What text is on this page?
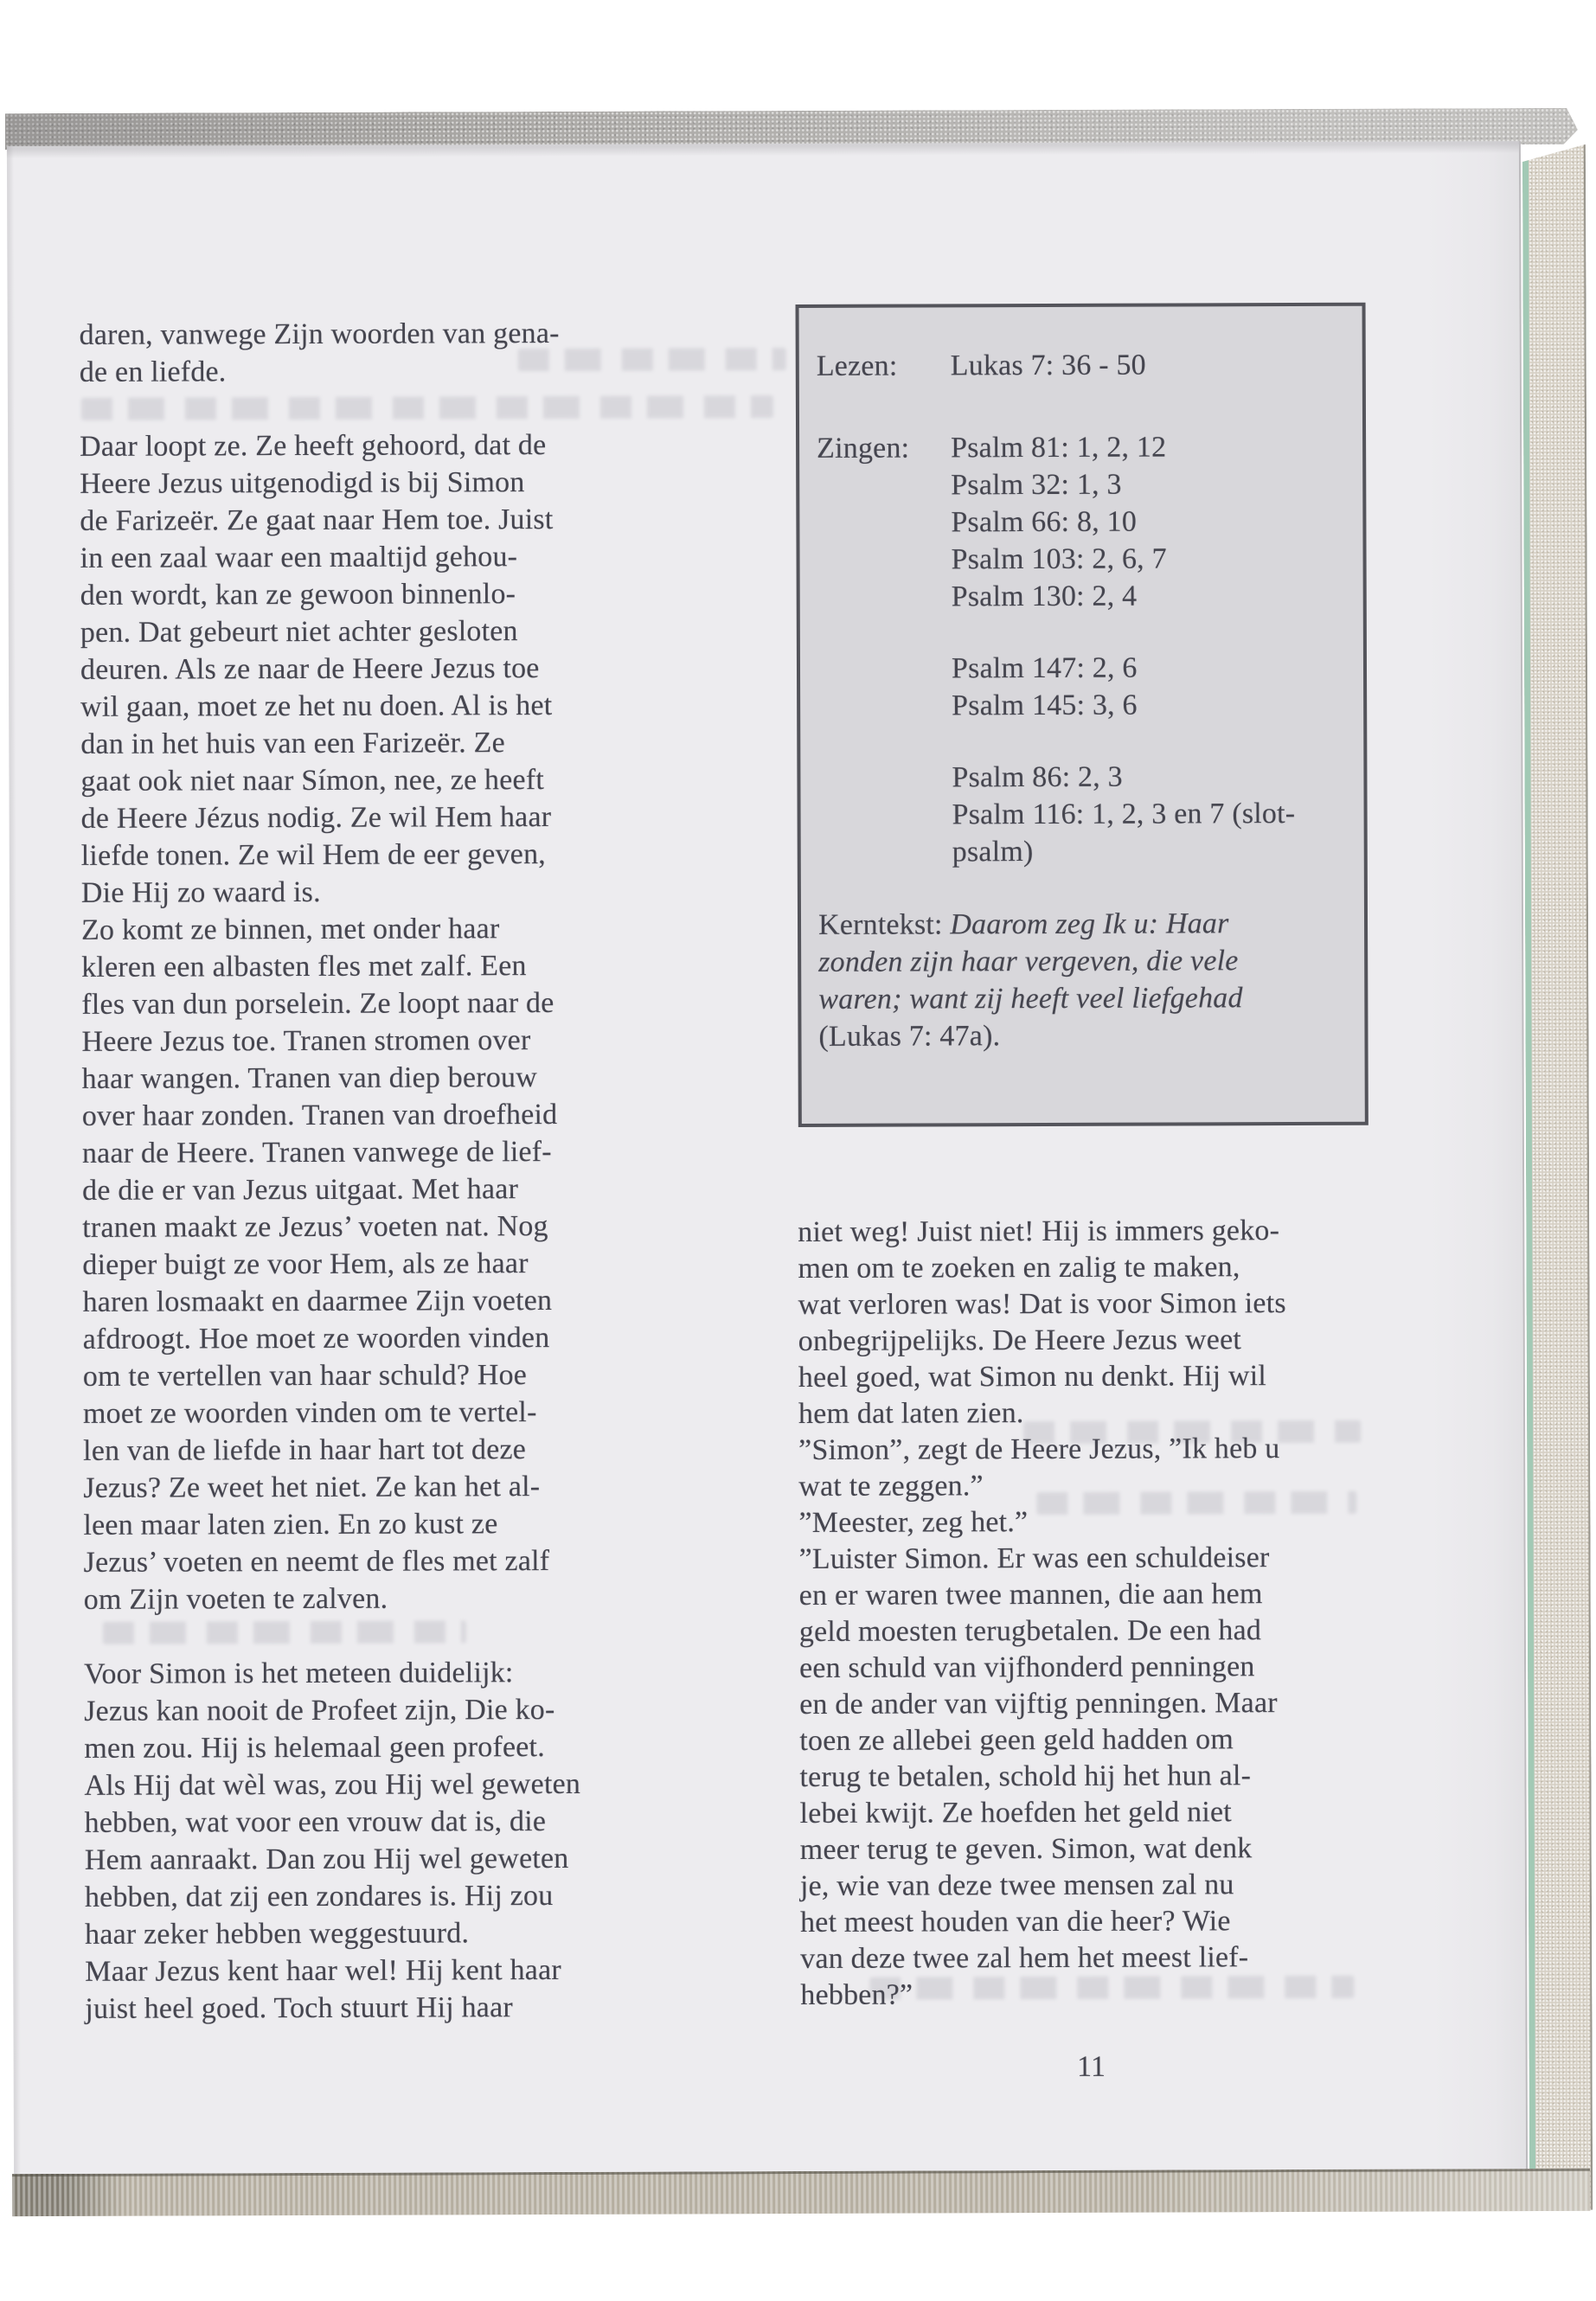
daren, vanwege Zijn woorden van gena-
de en liefde.

Daar loopt ze. Ze heeft gehoord, dat de
Heere Jezus uitgenodigd is bij Simon
de Farizeër. Ze gaat naar Hem toe. Juist
in een zaal waar een maaltijd gehou-
den wordt, kan ze gewoon binnenlo-
pen. Dat gebeurt niet achter gesloten
deuren. Als ze naar de Heere Jezus toe
wil gaan, moet ze het nu doen. Al is het
dan in het huis van een Farizeër. Ze
gaat ook niet naar Símon, nee, ze heeft
de Heere Jézus nodig. Ze wil Hem haar
liefde tonen. Ze wil Hem de eer geven,
Die Hij zo waard is.
Zo komt ze binnen, met onder haar
kleren een albasten fles met zalf. Een
fles van dun porselein. Ze loopt naar de
Heere Jezus toe. Tranen stromen over
haar wangen. Tranen van diep berouw
over haar zonden. Tranen van droefheid
naar de Heere. Tranen vanwege de lief-
de die er van Jezus uitgaat. Met haar
tranen maakt ze Jezus’ voeten nat. Nog
dieper buigt ze voor Hem, als ze haar
haren losmaakt en daarmee Zijn voeten
afdroogt. Hoe moet ze woorden vinden
om te vertellen van haar schuld? Hoe
moet ze woorden vinden om te vertel-
len van de liefde in haar hart tot deze
Jezus? Ze weet het niet. Ze kan het al-
leen maar laten zien. En zo kust ze
Jezus’ voeten en neemt de fles met zalf
om Zijn voeten te zalven.

Voor Simon is het meteen duidelijk:
Jezus kan nooit de Profeet zijn, Die ko-
men zou. Hij is helemaal geen profeet.
Als Hij dat wèl was, zou Hij wel geweten
hebben, wat voor een vrouw dat is, die
Hem aanraakt. Dan zou Hij wel geweten
hebben, dat zij een zondares is. Hij zou
haar zeker hebben weggestuurd.
Maar Jezus kent haar wel! Hij kent haar
juist heel goed. Toch stuurt Hij haar

Lezen:	Lukas 7: 36 - 50
Zingen:	Psalm 81: 1, 2, 12
Psalm 32: 1, 3
Psalm 66: 8, 10
Psalm 103: 2, 6, 7
Psalm 130: 2, 4
Psalm 147: 2, 6
Psalm 145: 3, 6
Psalm 86: 2, 3
Psalm 116: 1, 2, 3 en 7 (slot-
psalm)

Kerntekst: Daarom zeg Ik u: Haar
zonden zijn haar vergeven, die vele
waren; want zij heeft veel liefgehad
(Lukas 7: 47a).

niet weg! Juist niet! Hij is immers geko-
men om te zoeken en zalig te maken,
wat verloren was! Dat is voor Simon iets
onbegrijpelijks. De Heere Jezus weet
heel goed, wat Simon nu denkt. Hij wil
hem dat laten zien.
”Simon”, zegt de Heere Jezus, ”Ik heb u
wat te zeggen.”
”Meester, zeg het.”
”Luister Simon. Er was een schuldeiser
en er waren twee mannen, die aan hem
geld moesten terugbetalen. De een had
een schuld van vijfhonderd penningen
en de ander van vijftig penningen. Maar
toen ze allebei geen geld hadden om
terug te betalen, schold hij het hun al-
lebei kwijt. Ze hoefden het geld niet
meer terug te geven. Simon, wat denk
je, wie van deze twee mensen zal nu
het meest houden van die heer? Wie
van deze twee zal hem het meest lief-
hebben?”

11
